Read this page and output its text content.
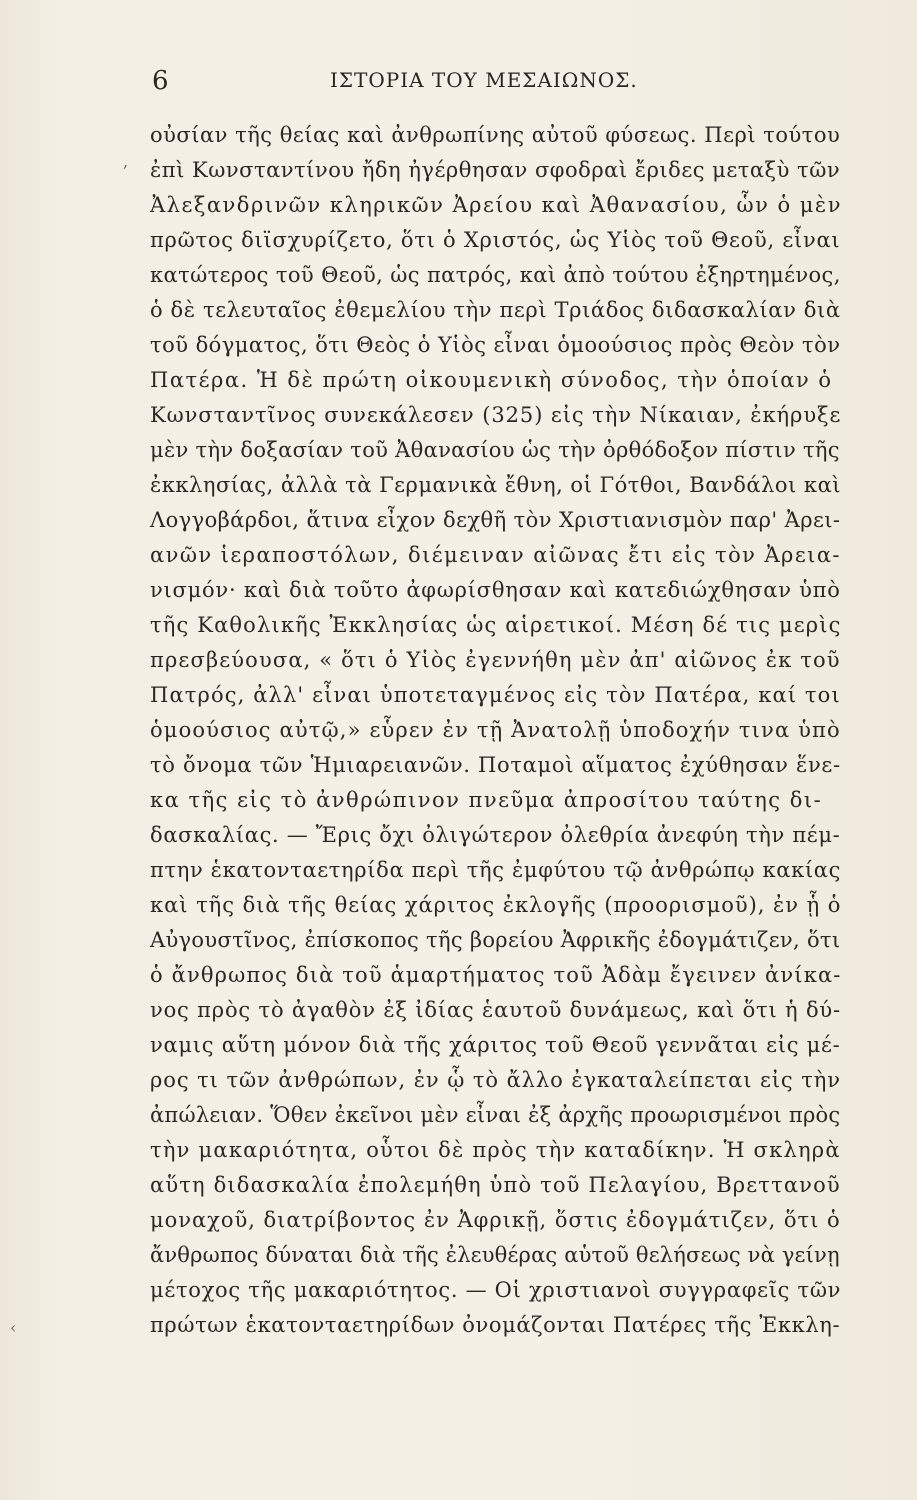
6	ΙΣΤΟΡΙΑ ΤΟΥ ΜΕΣΑΙΩΝΟΣ.
,
‹
οὐσίαν τῆς θείας καὶ ἀνθρωπίνης αὐτοῦ φύσεως. Περὶ τούτου
ἐπὶ Κωνσταντίνου ἤδη ἠγέρθησαν σφοδραὶ ἔριδες μεταξὺ τῶν
Ἀλεξανδρινῶν κληρικῶν Ἀρείου καὶ Ἀθανασίου, ὧν ὁ μὲν
πρῶτος διϊσχυρίζετο, ὅτι ὁ Χριστός, ὡς Υἱὸς τοῦ Θεοῦ, εἶναι
κατώτερος τοῦ Θεοῦ, ὡς πατρός, καὶ ἀπὸ τούτου ἐξηρτημένος,
ὁ δὲ τελευταῖος ἐθεμελίου τὴν περὶ Τριάδος διδασκαλίαν διὰ
τοῦ δόγματος, ὅτι Θεὸς ὁ Υἱὸς εἶναι ὁμοούσιος πρὸς Θεὸν τὸν
Πατέρα. Ἡ δὲ πρώτη οἰκουμενικὴ σύνοδος, τὴν ὁποίαν ὁ
Κωνσταντῖνος συνεκάλεσεν (325) εἰς τὴν Νίκαιαν, ἐκήρυξε
μὲν τὴν δοξασίαν τοῦ Ἀθανασίου ὡς τὴν ὀρθόδοξον πίστιν τῆς
ἐκκλησίας, ἀλλὰ τὰ Γερμανικὰ ἔθνη, οἱ Γότθοι, Βανδάλοι καὶ
Λογγοβάρδοι, ἅτινα εἶχον δεχθῆ τὸν Χριστιανισμὸν παρ' Ἀρει-
ανῶν ἱεραποστόλων, διέμειναν αἰῶνας ἔτι εἰς τὸν Ἀρεια-
νισμόν· καὶ διὰ τοῦτο ἀφωρίσθησαν καὶ κατεδιώχθησαν ὑπὸ
τῆς Καθολικῆς Ἐκκλησίας ὡς αἱρετικοί. Μέση δέ τις μερὶς
πρεσβεύουσα, « ὅτι ὁ Υἱὸς ἐγεννήθη μὲν ἀπ' αἰῶνος ἐκ τοῦ
Πατρός, ἀλλ' εἶναι ὑποτεταγμένος εἰς τὸν Πατέρα, καί τοι
ὁμοούσιος αὐτῷ,» εὗρεν ἐν τῇ Ἀνατολῇ ὑποδοχήν τινα ὑπὸ
τὸ ὄνομα τῶν Ἡμιαρειανῶν. Ποταμοὶ αἵματος ἐχύθησαν ἕνε-
κα τῆς εἰς τὸ ἀνθρώπινον πνεῦμα ἀπροσίτου ταύτης δι-
δασκαλίας. — Ἔρις ὄχι ὀλιγώτερον ὀλεθρία ἀνεφύη τὴν πέμ-
πτην ἑκατονταετηρίδα περὶ τῆς ἐμφύτου τῷ ἀνθρώπῳ κακίας
καὶ τῆς διὰ τῆς θείας χάριτος ἐκλογῆς (προορισμοῦ), ἐν ᾗ ὁ
Αὐγουστῖνος, ἐπίσκοπος τῆς βορείου Ἀφρικῆς ἐδογμάτιζεν, ὅτι
ὁ ἄνθρωπος διὰ τοῦ ἁμαρτήματος τοῦ Ἀδὰμ ἔγεινεν ἀνίκα-
νος πρὸς τὸ ἀγαθὸν ἐξ ἰδίας ἑαυτοῦ δυνάμεως, καὶ ὅτι ἡ δύ-
ναμις αὕτη μόνον διὰ τῆς χάριτος τοῦ Θεοῦ γεννᾶται εἰς μέ-
ρος τι τῶν ἀνθρώπων, ἐν ᾧ τὸ ἄλλο ἐγκαταλείπεται εἰς τὴν
ἀπώλειαν. Ὅθεν ἐκεῖνοι μὲν εἶναι ἐξ ἀρχῆς προωρισμένοι πρὸς
τὴν μακαριότητα, οὗτοι δὲ πρὸς τὴν καταδίκην. Ἡ σκληρὰ
αὕτη διδασκαλία ἐπολεμήθη ὑπὸ τοῦ Πελαγίου, Βρεττανοῦ
μοναχοῦ, διατρίβοντος ἐν Ἀφρικῇ, ὅστις ἐδογμάτιζεν, ὅτι ὁ
ἄνθρωπος δύναται διὰ τῆς ἐλευθέρας αὑτοῦ θελήσεως νὰ γείνῃ
μέτοχος τῆς μακαριότητος. — Οἱ χριστιανοὶ συγγραφεῖς τῶν
πρώτων ἑκατονταετηρίδων ὀνομάζονται Πατέρες τῆς Ἐκκλη-
